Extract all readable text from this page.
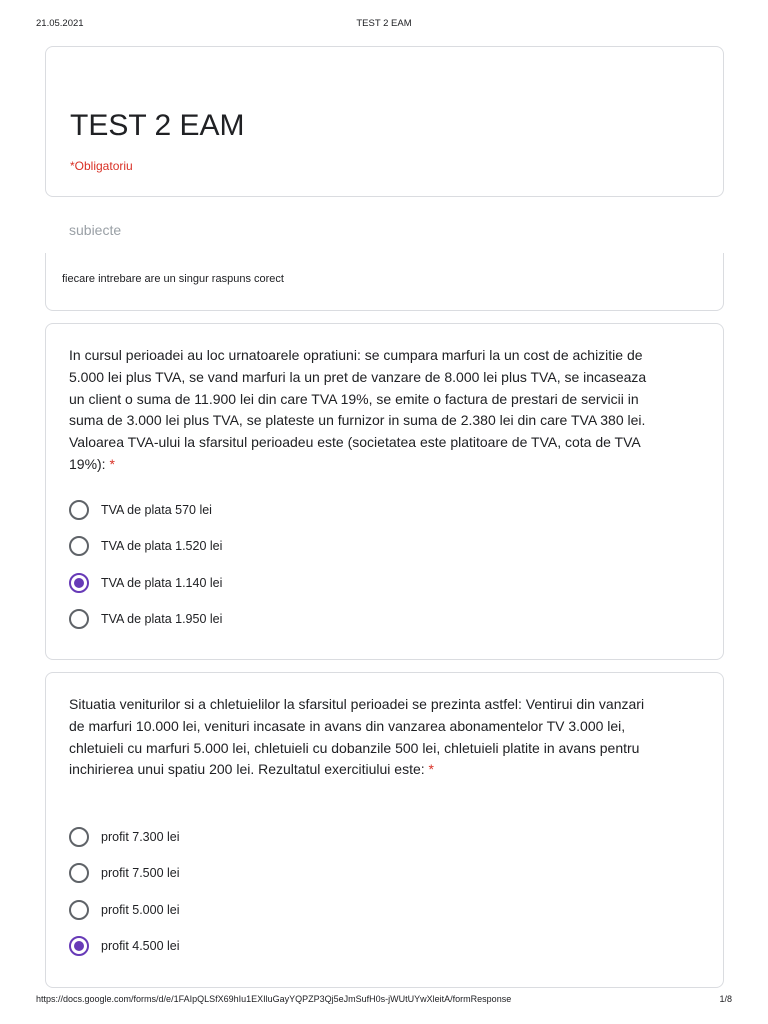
21.05.2021	TEST 2 EAM
TEST 2 EAM
*Obligatoriu
subiecte
fiecare intrebare are un singur raspuns corect
In cursul perioadei au loc urnatoarele opratiuni: se cumpara marfuri la un cost de achizitie de 5.000 lei plus TVA, se vand marfuri la un pret de vanzare de 8.000 lei plus TVA, se incaseaza un client o suma de 11.900 lei din care TVA 19%, se emite o factura de prestari de servicii in suma de 3.000 lei plus TVA, se plateste un furnizor in suma de 2.380 lei din care TVA 380 lei. Valoarea TVA-ului la sfarsitul perioadeu este (societatea este platitoare de TVA, cota de TVA 19%): *
TVA de plata 570 lei
TVA de plata 1.520 lei
TVA de plata 1.140 lei
TVA de plata 1.950 lei
Situatia veniturilor si a chletuielilor la sfarsitul perioadei se prezinta astfel: Ventirui din vanzari de marfuri 10.000 lei, venituri incasate in avans din vanzarea abonamentelor TV 3.000 lei, chletuieli cu marfuri 5.000 lei, chletuieli cu dobanzile 500 lei, chletuieli platite in avans pentru inchirierea unui spatiu 200 lei. Rezultatul exercitiului este: *
profit 7.300 lei
profit 7.500 lei
profit 5.000 lei
profit 4.500 lei
https://docs.google.com/forms/d/e/1FAIpQLSfX69hIu1EXIluGayYQPZP3Qj5eJmSufH0s-jWUtUYwXleitA/formResponse	1/8
